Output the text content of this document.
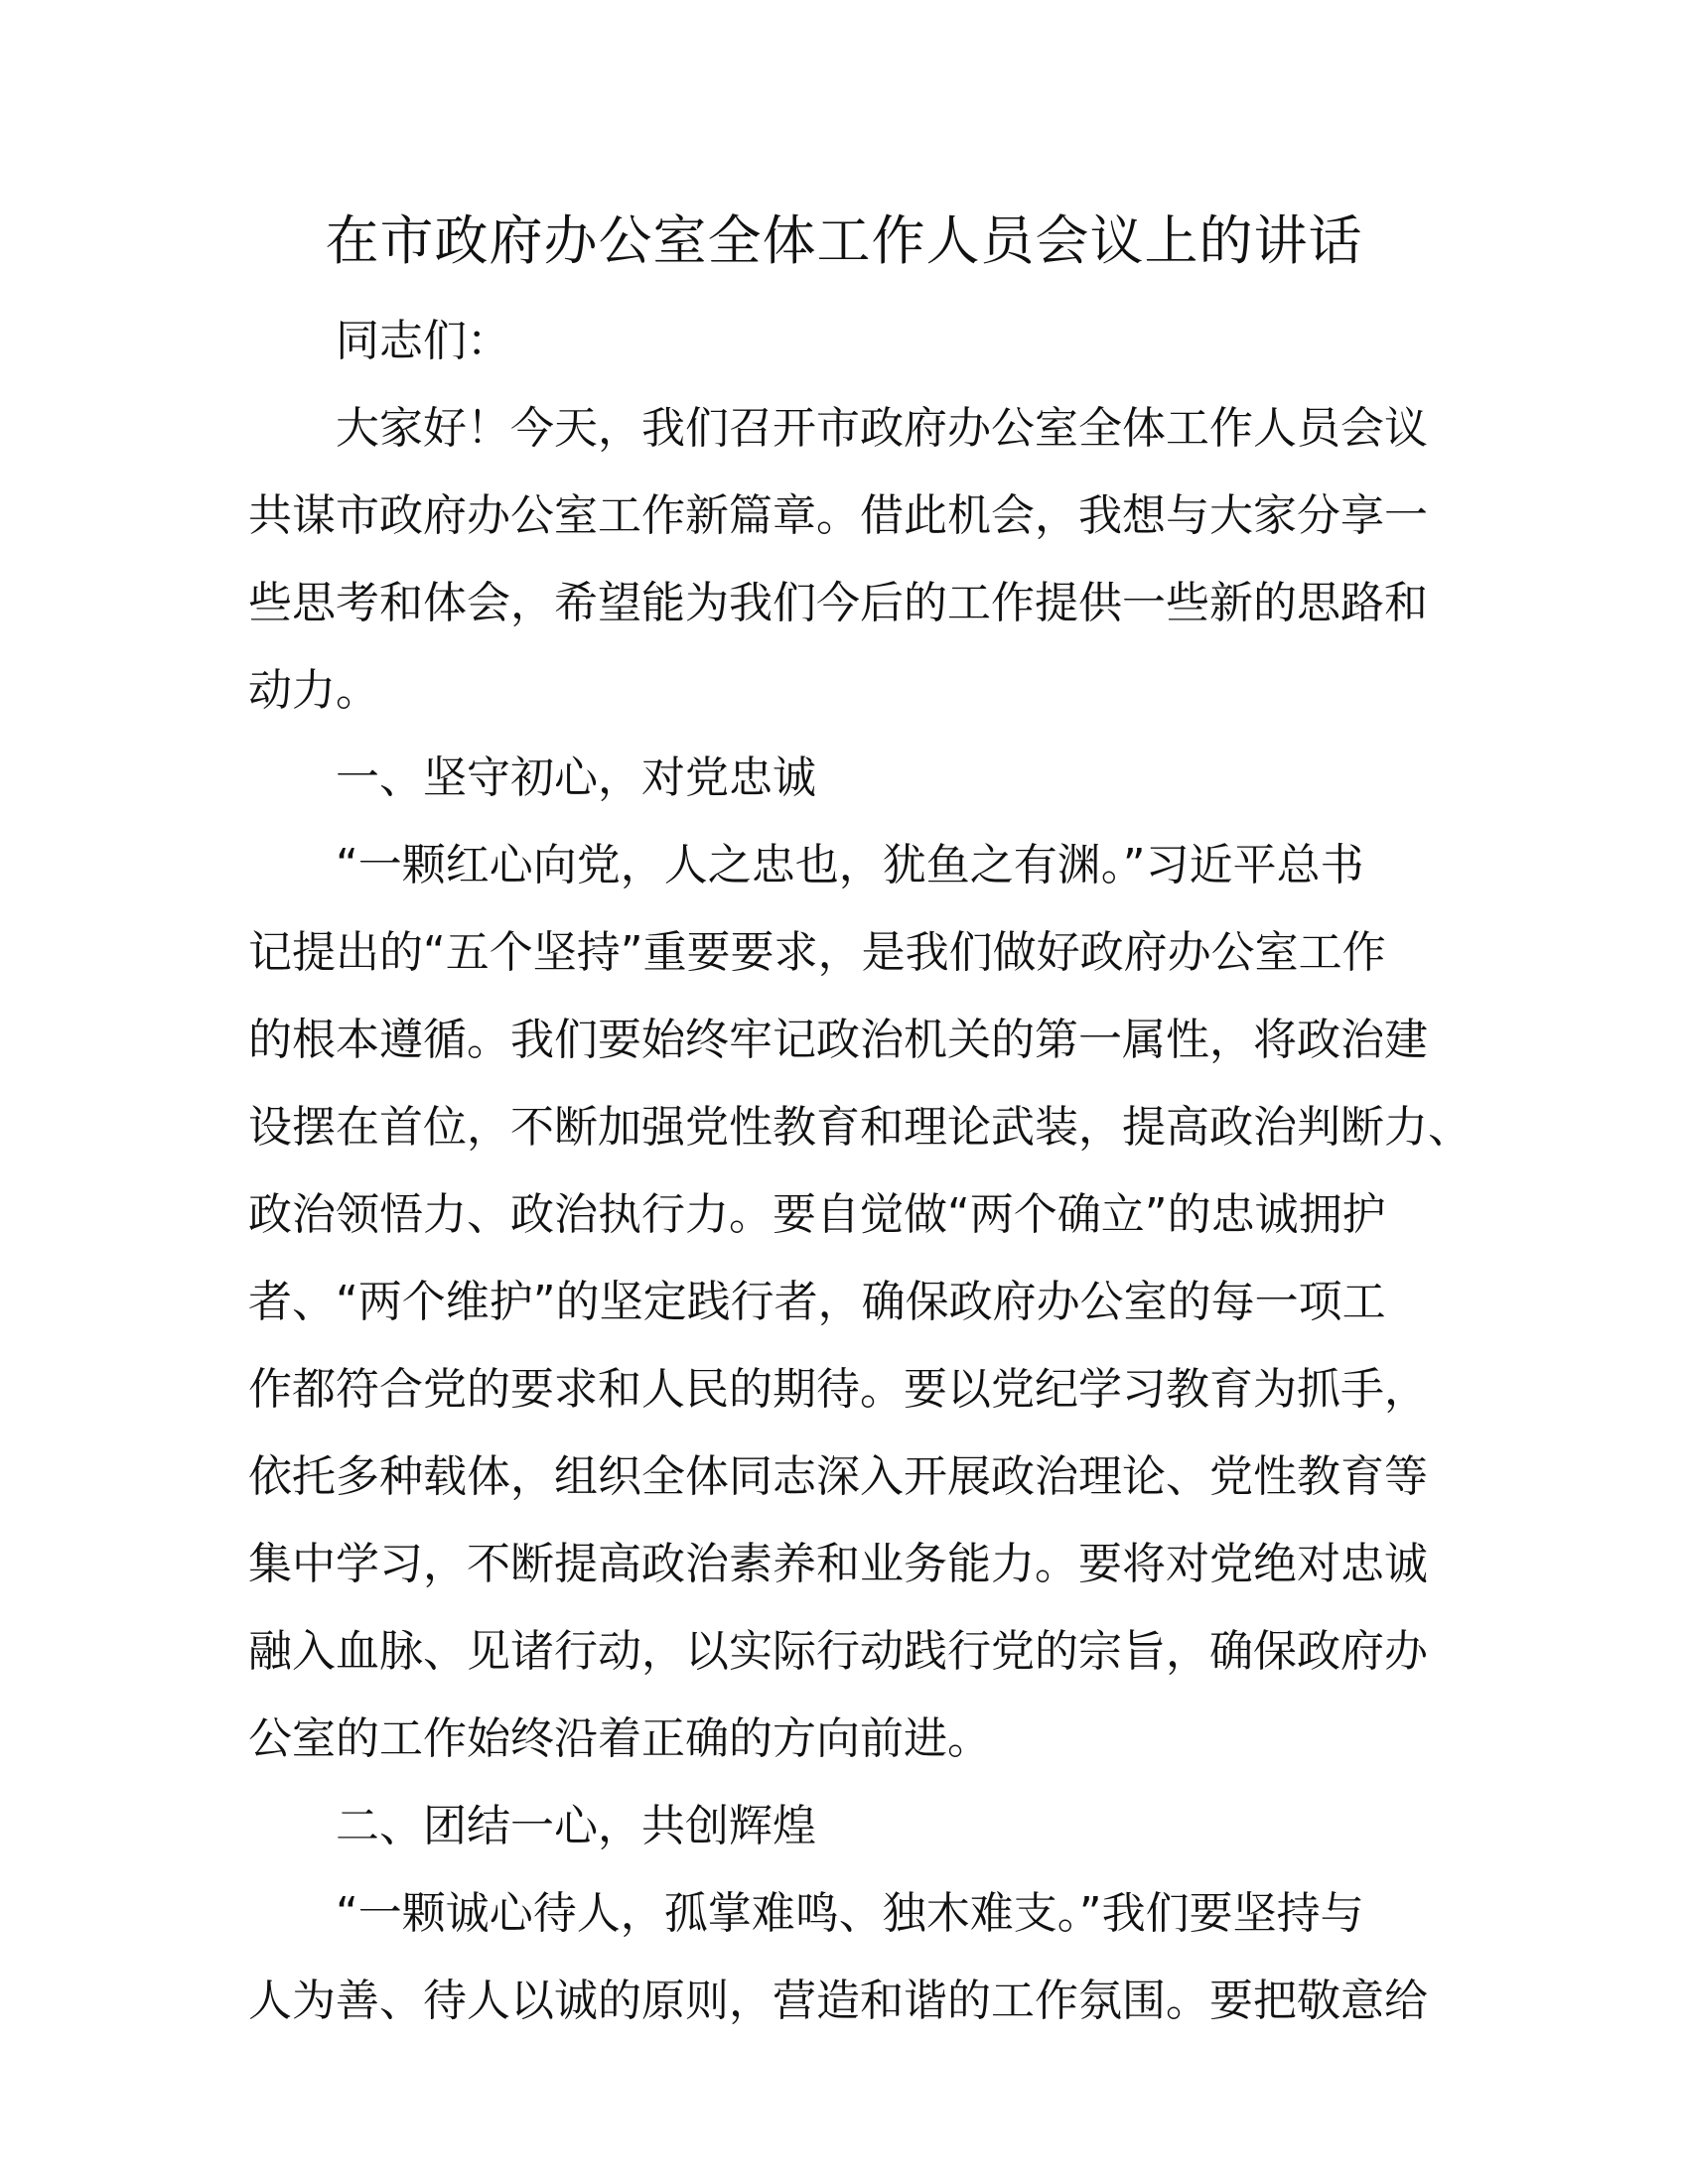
在市政府办公室全体工作人员会议上的讲话

同志们：

大家好！今天，我们召开市政府办公室全体工作人员会议
共谋市政府办公室工作新篇章。借此机会，我想与大家分享一
些思考和体会，希望能为我们今后的工作提供一些新的思路和
动力。

一、坚守初心，对党忠诚

“一颗红心向党，人之忠也，犹鱼之有渊。”习近平总书
记提出的“五个坚持”重要要求，是我们做好政府办公室工作
的根本遵循。我们要始终牢记政治机关的第一属性，将政治建
设摆在首位，不断加强党性教育和理论武装，提高政治判断力、
政治领悟力、政治执行力。要自觉做“两个确立”的忠诚拥护
者、“两个维护”的坚定践行者，确保政府办公室的每一项工
作都符合党的要求和人民的期待。要以党纪学习教育为抓手，
依托多种载体，组织全体同志深入开展政治理论、党性教育等
集中学习，不断提高政治素养和业务能力。要将对党绝对忠诚
融入血脉、见诸行动，以实际行动践行党的宗旨，确保政府办
公室的工作始终沿着正确的方向前进。

二、团结一心，共创辉煌

“一颗诚心待人，孤掌难鸣、独木难支。”我们要坚持与
人为善、待人以诚的原则，营造和谐的工作氛围。要把敬意给
